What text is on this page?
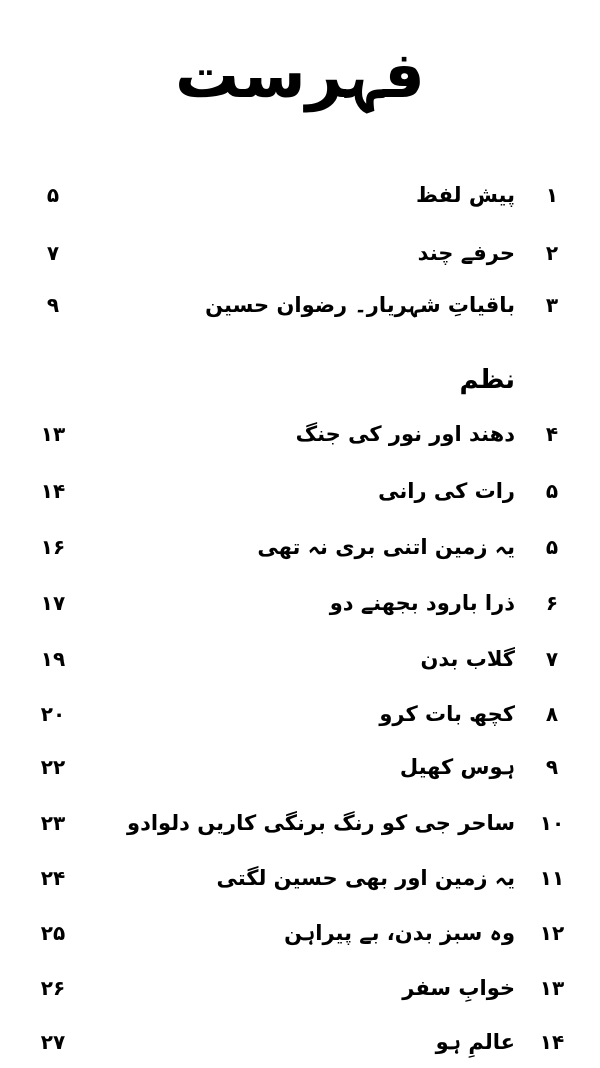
فہرست
۱
پیش لفظ
۵
۲
حرفے چند
۷
۳
باقیاتِ شہریار۔ رضوان حسین
۹
نظم
۴
دھند اور نور کی جنگ
۱۳
۵
رات کی رانی
۱۴
۵
یہ زمین اتنی بری نہ تھی
۱۶
۶
ذرا بارود بجھنے دو
۱۷
۷
گلاب بدن
۱۹
۸
کچھ بات کرو
۲۰
۹
ہوس کھیل
۲۲
۱۰
ساحر جی کو رنگ برنگی کاریں دلوادو
۲۳
۱۱
یہ زمین اور بھی حسین لگتی
۲۴
۱۲
وہ سبز بدن، بے پیراہن
۲۵
۱۳
خوابِ سفر
۲۶
۱۴
عالمِ ہو
۲۷
